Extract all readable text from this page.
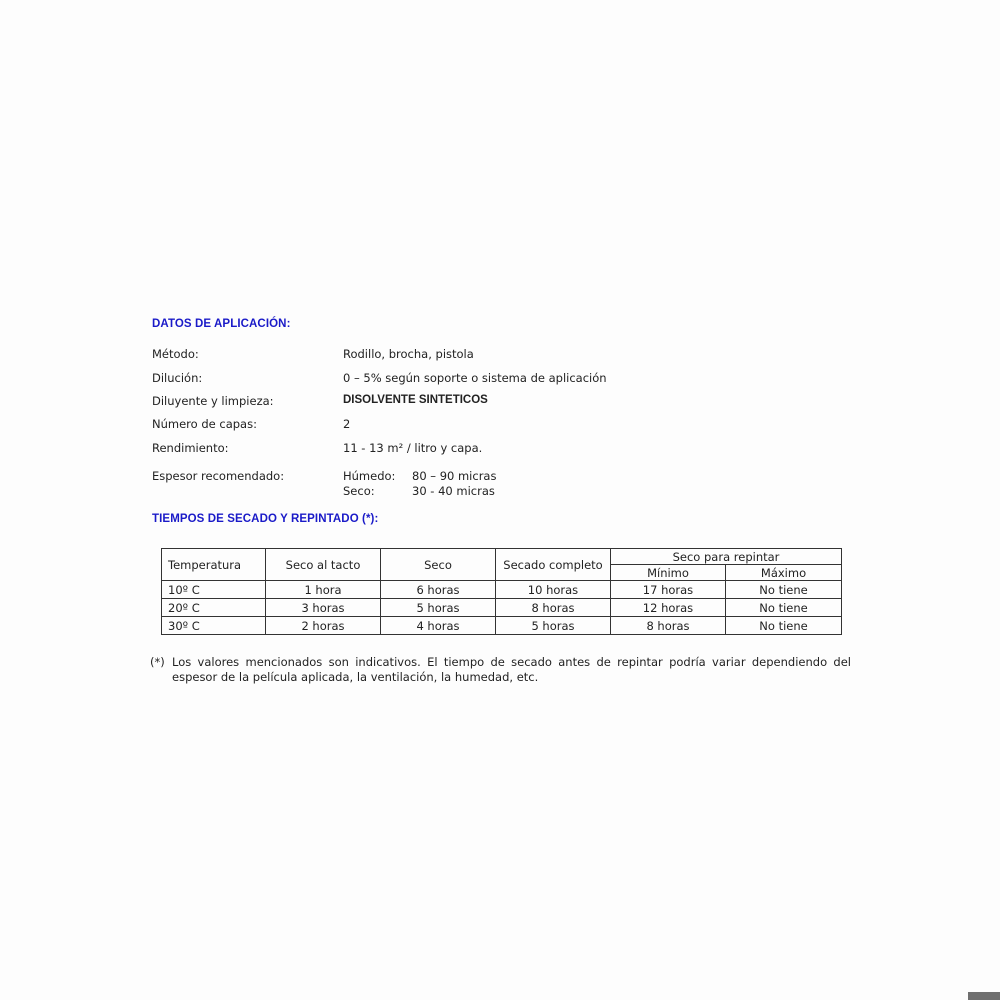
DATOS DE APLICACIÓN:
Método:	Rodillo, brocha, pistola
Dilución:	0 – 5% según soporte o sistema de aplicación
Diluyente y limpieza:	DISOLVENTE SINTETICOS
Número de capas:	2
Rendimiento:	11 - 13 m² / litro y capa.
Espesor recomendado:	Húmedo: 80 – 90 micras
Seco:	30 - 40 micras
TIEMPOS DE SECADO Y REPINTADO (*):
Temperatura	Seco al tacto	Seco	Secado completo	Seco para repintar	
				Mínimo	Máximo
10º C	1 hora	6 horas	10 horas	17 horas	No tiene
20º C	3 horas	5 horas	8 horas	12 horas	No tiene
30º C	2 horas	4 horas	5 horas	8 horas	No tiene
(*) Los valores mencionados son indicativos. El tiempo de secado antes de repintar podría variar dependiendo del espesor de la película aplicada, la ventilación, la humedad, etc.
